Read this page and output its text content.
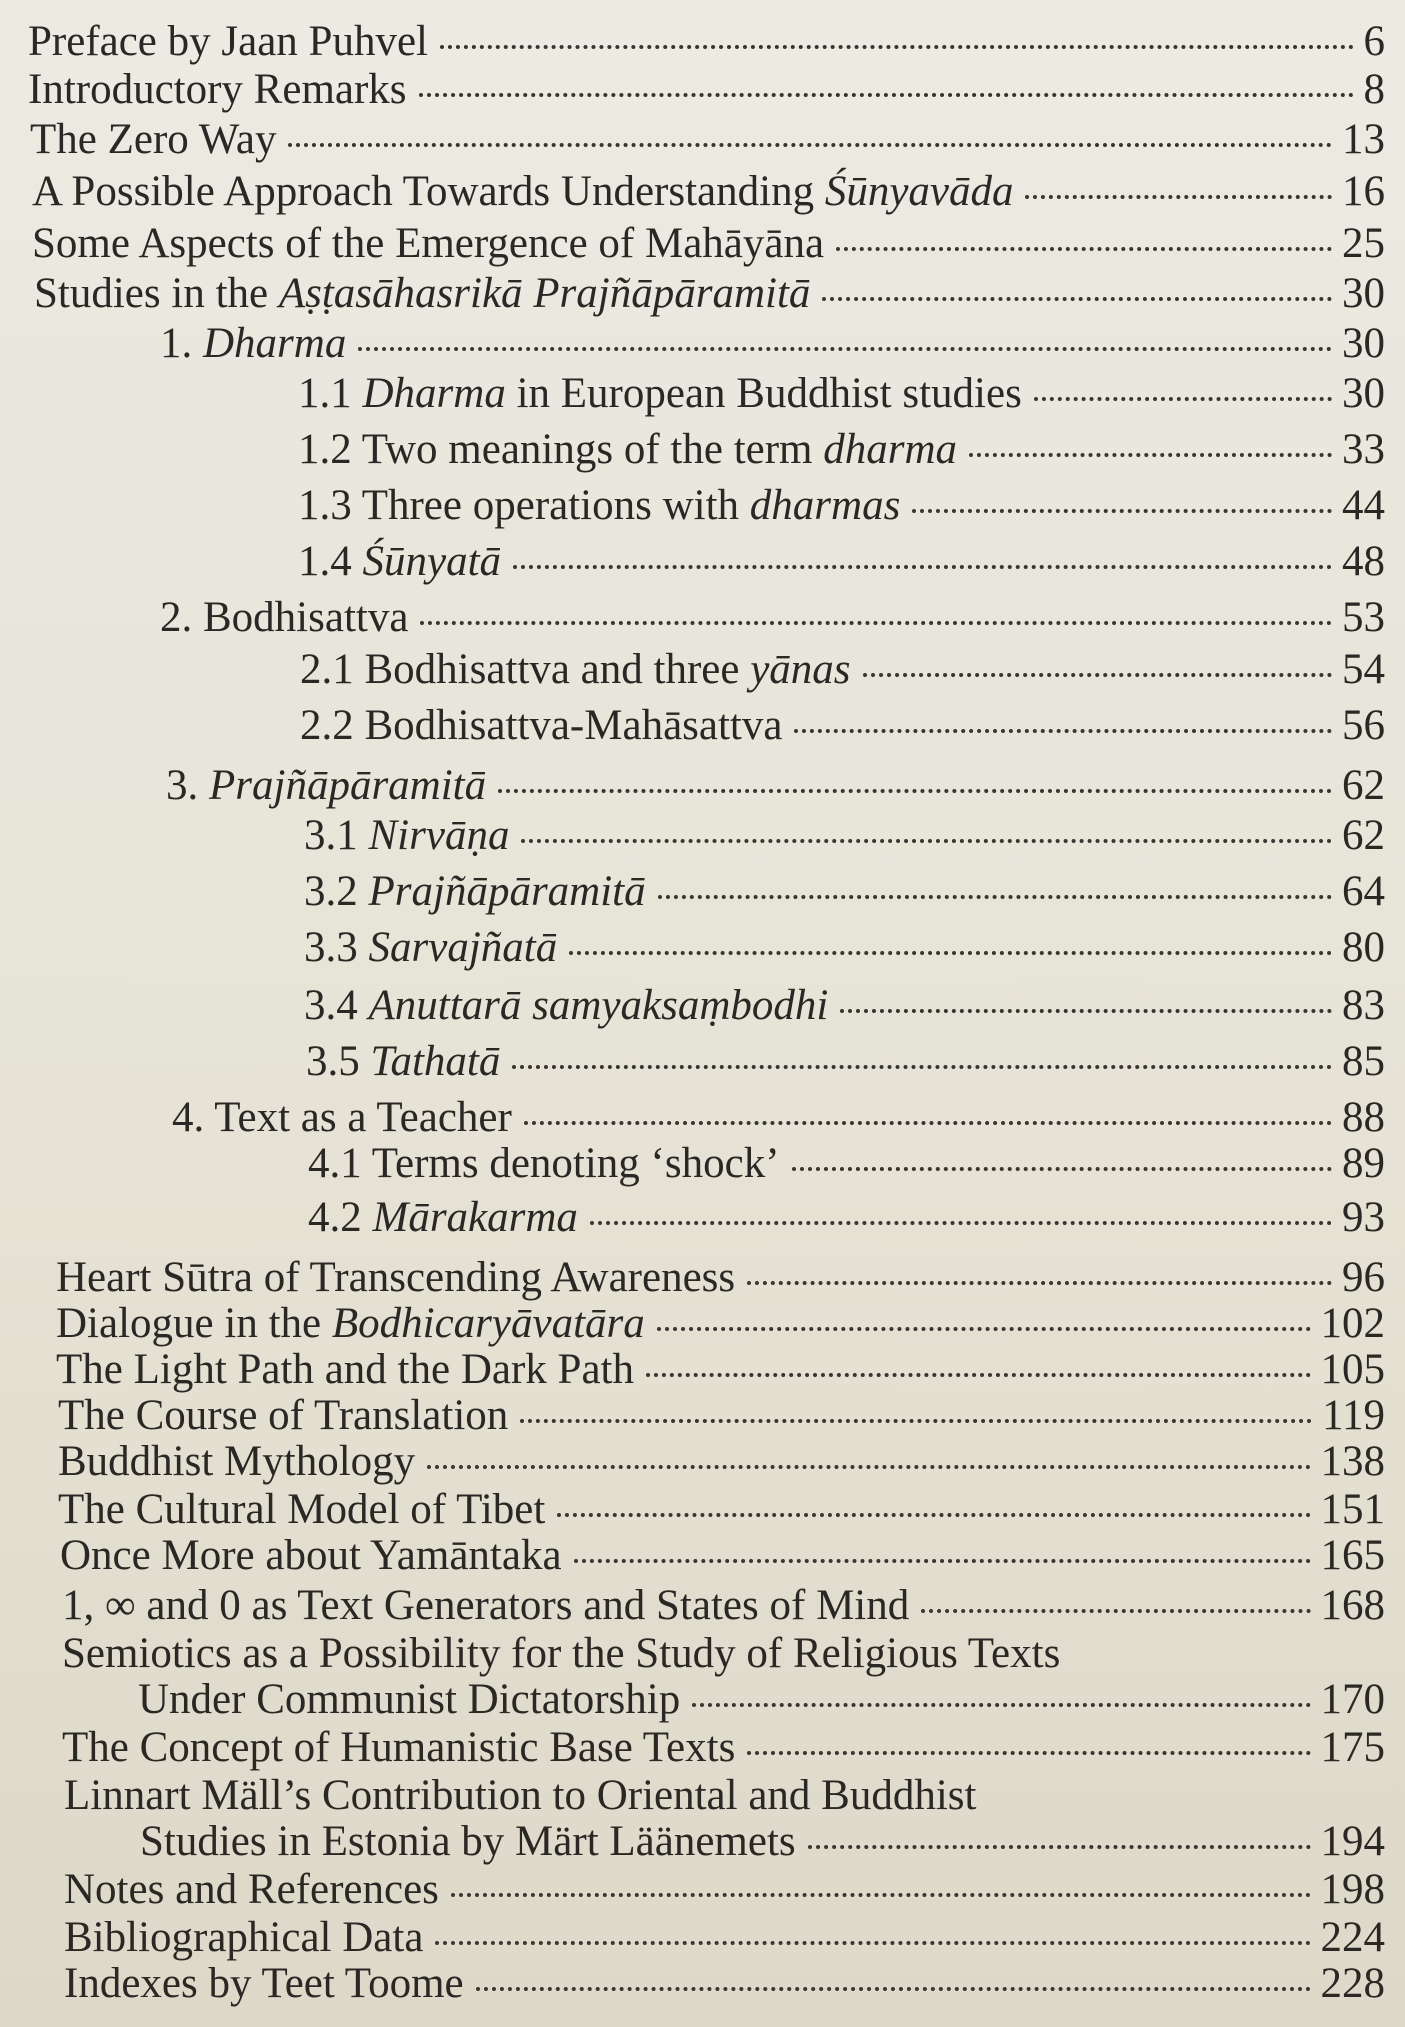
Preface by Jaan Puhvel	6
Introductory Remarks	8
The Zero Way	13
A Possible Approach Towards Understanding Śūnyavāda	16
Some Aspects of the Emergence of Mahāyāna	25
Studies in the Aṣṭasāhasrikā Prajñāpāramitā	30
1. Dharma	30
1.1 Dharma in European Buddhist studies	30
1.2 Two meanings of the term dharma	33
1.3 Three operations with dharmas	44
1.4 Śūnyatā	48
2. Bodhisattva	53
2.1 Bodhisattva and three yānas	54
2.2 Bodhisattva-Mahāsattva	56
3. Prajñāpāramitā	62
3.1 Nirvāṇa	62
3.2 Prajñāpāramitā	64
3.3 Sarvajñatā	80
3.4 Anuttarā samyaksaṃbodhi	83
3.5 Tathatā	85
4. Text as a Teacher	88
4.1 Terms denoting ‘shock’	89
4.2 Mārakarma	93
Heart Sūtra of Transcending Awareness	96
Dialogue in the Bodhicaryāvatāra	102
The Light Path and the Dark Path	105
The Course of Translation	119
Buddhist Mythology	138
The Cultural Model of Tibet	151
Once More about Yamāntaka	165
1, ∞ and 0 as Text Generators and States of Mind	168
Semiotics as a Possibility for the Study of Religious Texts
Under Communist Dictatorship	170
The Concept of Humanistic Base Texts	175
Linnart Mäll’s Contribution to Oriental and Buddhist
Studies in Estonia by Märt Läänemets	194
Notes and References	198
Bibliographical Data	224
Indexes by Teet Toome	228
